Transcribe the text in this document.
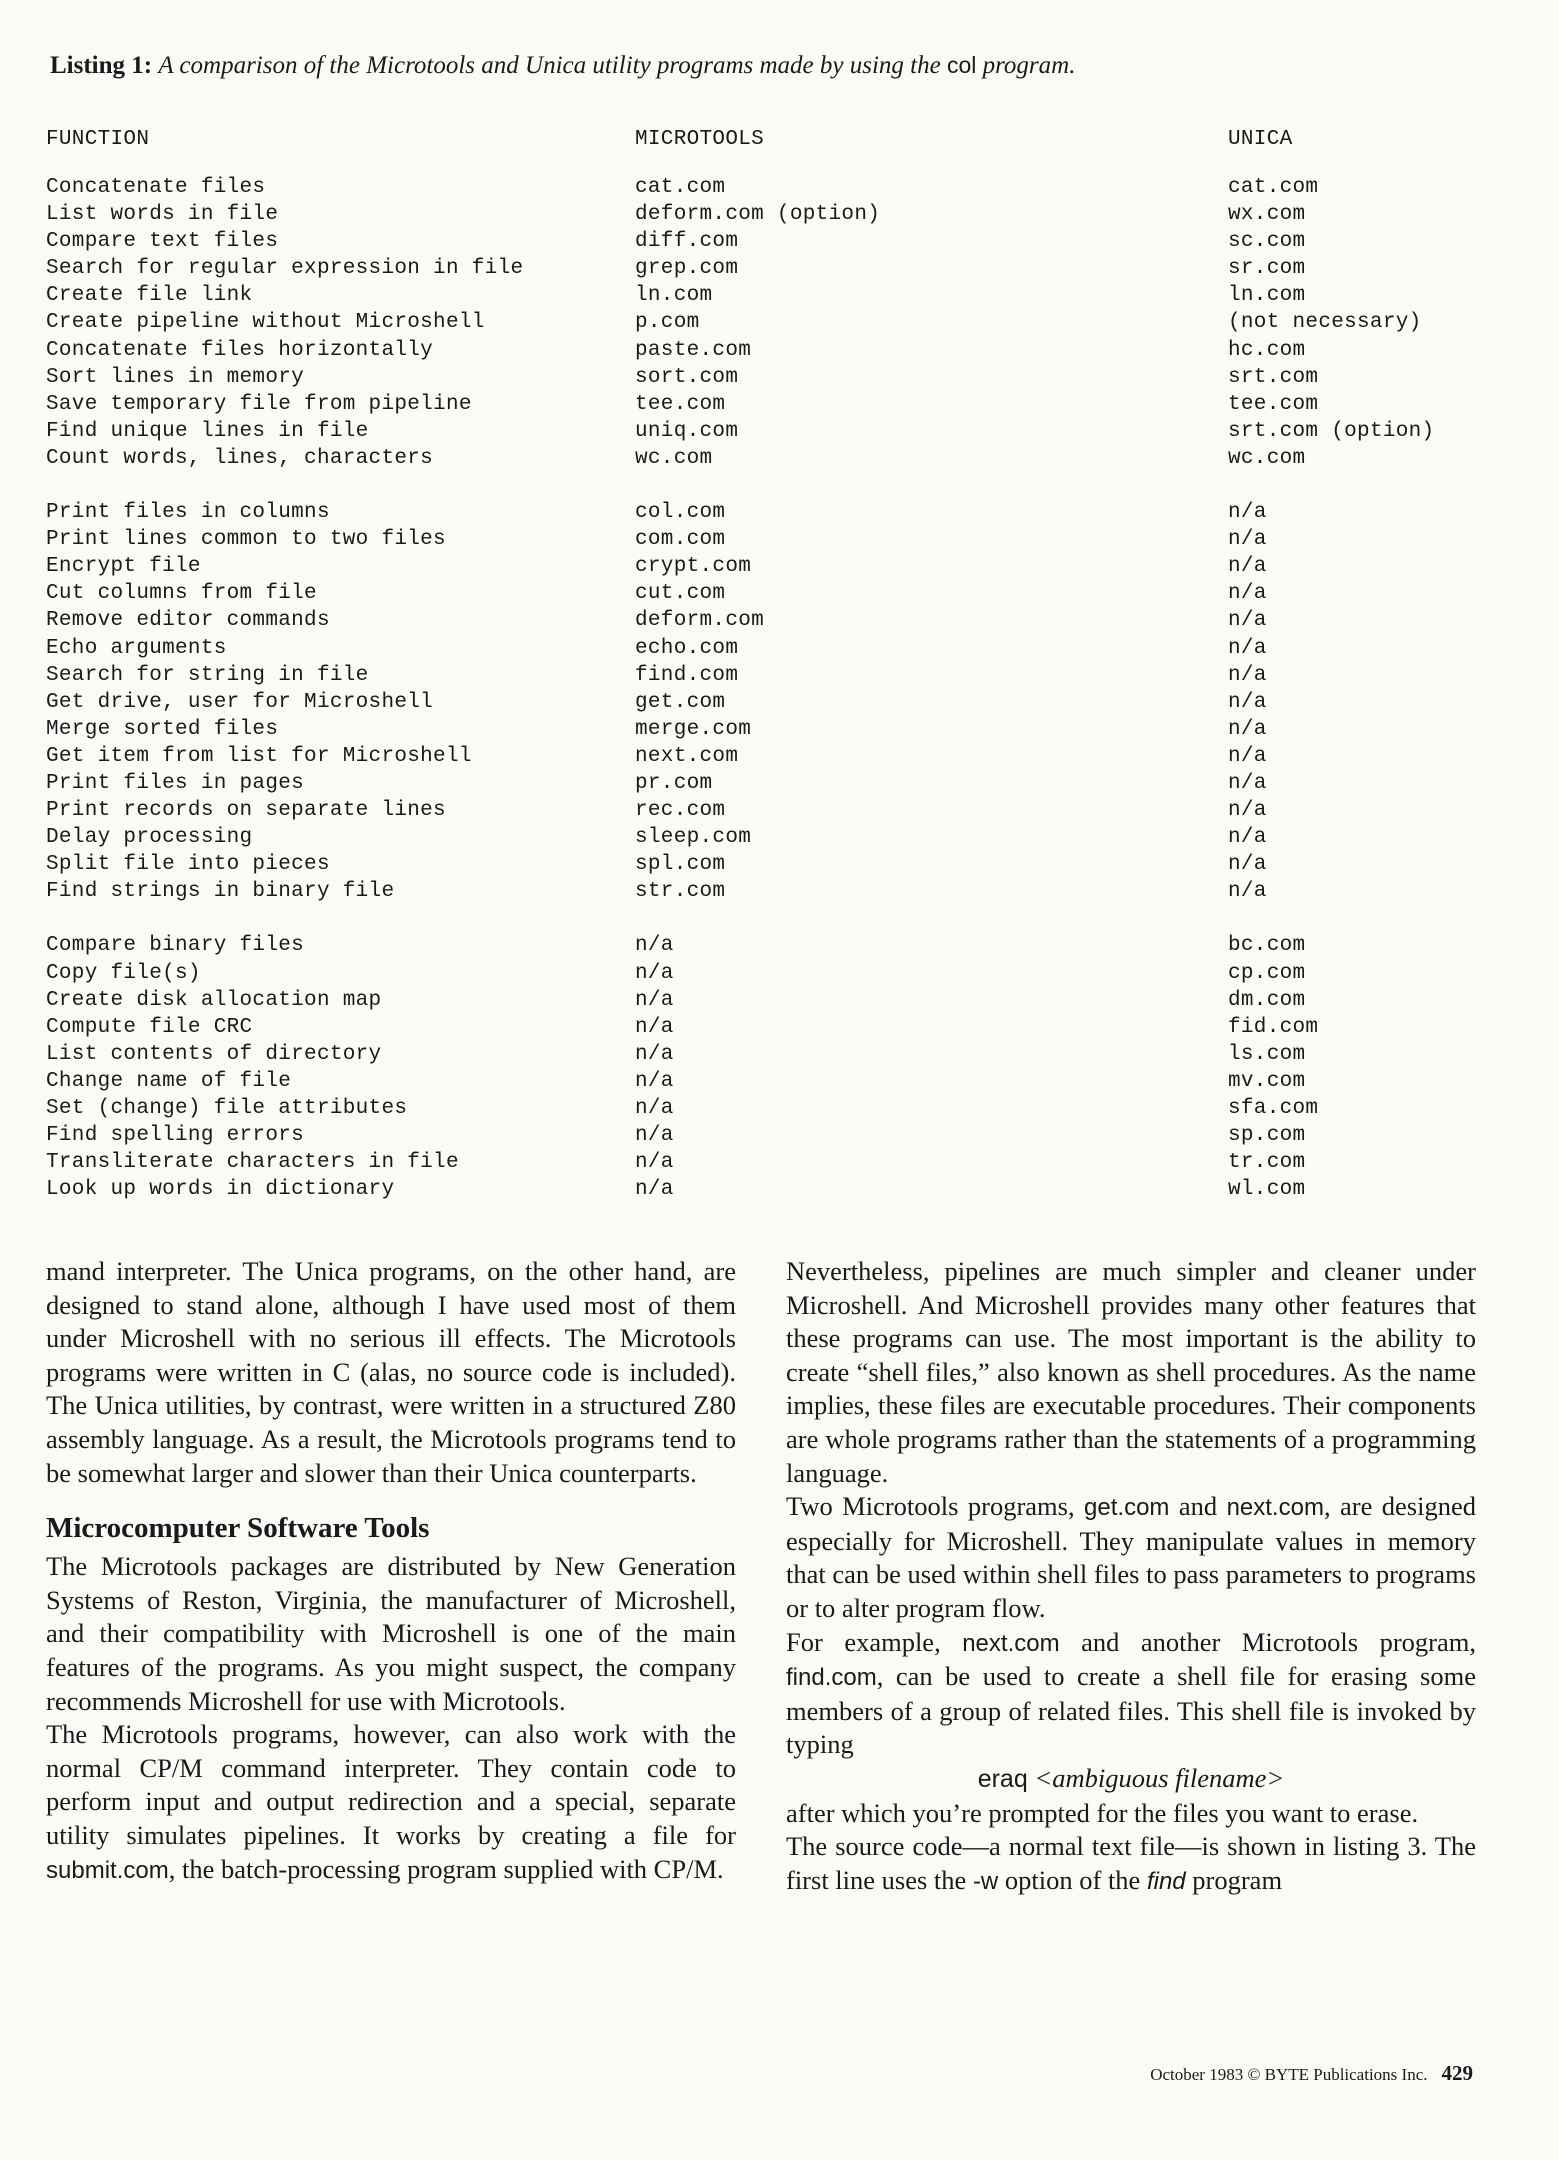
Listing 1: A comparison of the Microtools and Unica utility programs made by using the col program.
FUNCTION	MICROTOOLS	UNICA
Concatenate files	cat.com	cat.com
List words in file	deform.com (option)	wx.com
Compare text files	diff.com	sc.com
Search for regular expression in file	grep.com	sr.com
Create file link	ln.com	ln.com
Create pipeline without Microshell	p.com	(not necessary)
Concatenate files horizontally	paste.com	hc.com
Sort lines in memory	sort.com	srt.com
Save temporary file from pipeline	tee.com	tee.com
Find unique lines in file	uniq.com	srt.com (option)
Count words, lines, characters	wc.com	wc.com
Print files in columns	col.com	n/a
Print lines common to two files	com.com	n/a
Encrypt file	crypt.com	n/a
Cut columns from file	cut.com	n/a
Remove editor commands	deform.com	n/a
Echo arguments	echo.com	n/a
Search for string in file	find.com	n/a
Get drive, user for Microshell	get.com	n/a
Merge sorted files	merge.com	n/a
Get item from list for Microshell	next.com	n/a
Print files in pages	pr.com	n/a
Print records on separate lines	rec.com	n/a
Delay processing	sleep.com	n/a
Split file into pieces	spl.com	n/a
Find strings in binary file	str.com	n/a
Compare binary files	n/a	bc.com
Copy file(s)	n/a	cp.com
Create disk allocation map	n/a	dm.com
Compute file CRC	n/a	fid.com
List contents of directory	n/a	ls.com
Change name of file	n/a	mv.com
Set (change) file attributes	n/a	sfa.com
Find spelling errors	n/a	sp.com
Transliterate characters in file	n/a	tr.com
Look up words in dictionary	n/a	wl.com

mand interpreter. The Unica programs, on the other hand, are designed to stand alone, although I have used most of them under Microshell with no serious ill effects. The Microtools programs were written in C (alas, no source code is included). The Unica utilities, by contrast, were written in a structured Z80 assembly language. As a result, the Microtools programs tend to be somewhat larger and slower than their Unica counterparts.

Microcomputer Software Tools

The Microtools packages are distributed by New Generation Systems of Reston, Virginia, the manufacturer of Microshell, and their compatibility with Microshell is one of the main features of the programs. As you might suspect, the company recommends Microshell for use with Microtools.

The Microtools programs, however, can also work with the normal CP/M command interpreter. They contain code to perform input and output redirection and a special, separate utility simulates pipelines. It works by creating a file for submit.com, the batch-processing program supplied with CP/M.

Nevertheless, pipelines are much simpler and cleaner under Microshell. And Microshell provides many other features that these programs can use. The most important is the ability to create “shell files,” also known as shell procedures. As the name implies, these files are executable procedures. Their components are whole programs rather than the statements of a programming language.

Two Microtools programs, get.com and next.com, are designed especially for Microshell. They manipulate values in memory that can be used within shell files to pass parameters to programs or to alter program flow.

For example, next.com and another Microtools program, find.com, can be used to create a shell file for erasing some members of a group of related files. This shell file is invoked by typing

eraq <ambiguous filename>

after which you’re prompted for the files you want to erase.

The source code—a normal text file—is shown in listing 3. The first line uses the -w option of the find program

October 1983 © BYTE Publications Inc. 429
